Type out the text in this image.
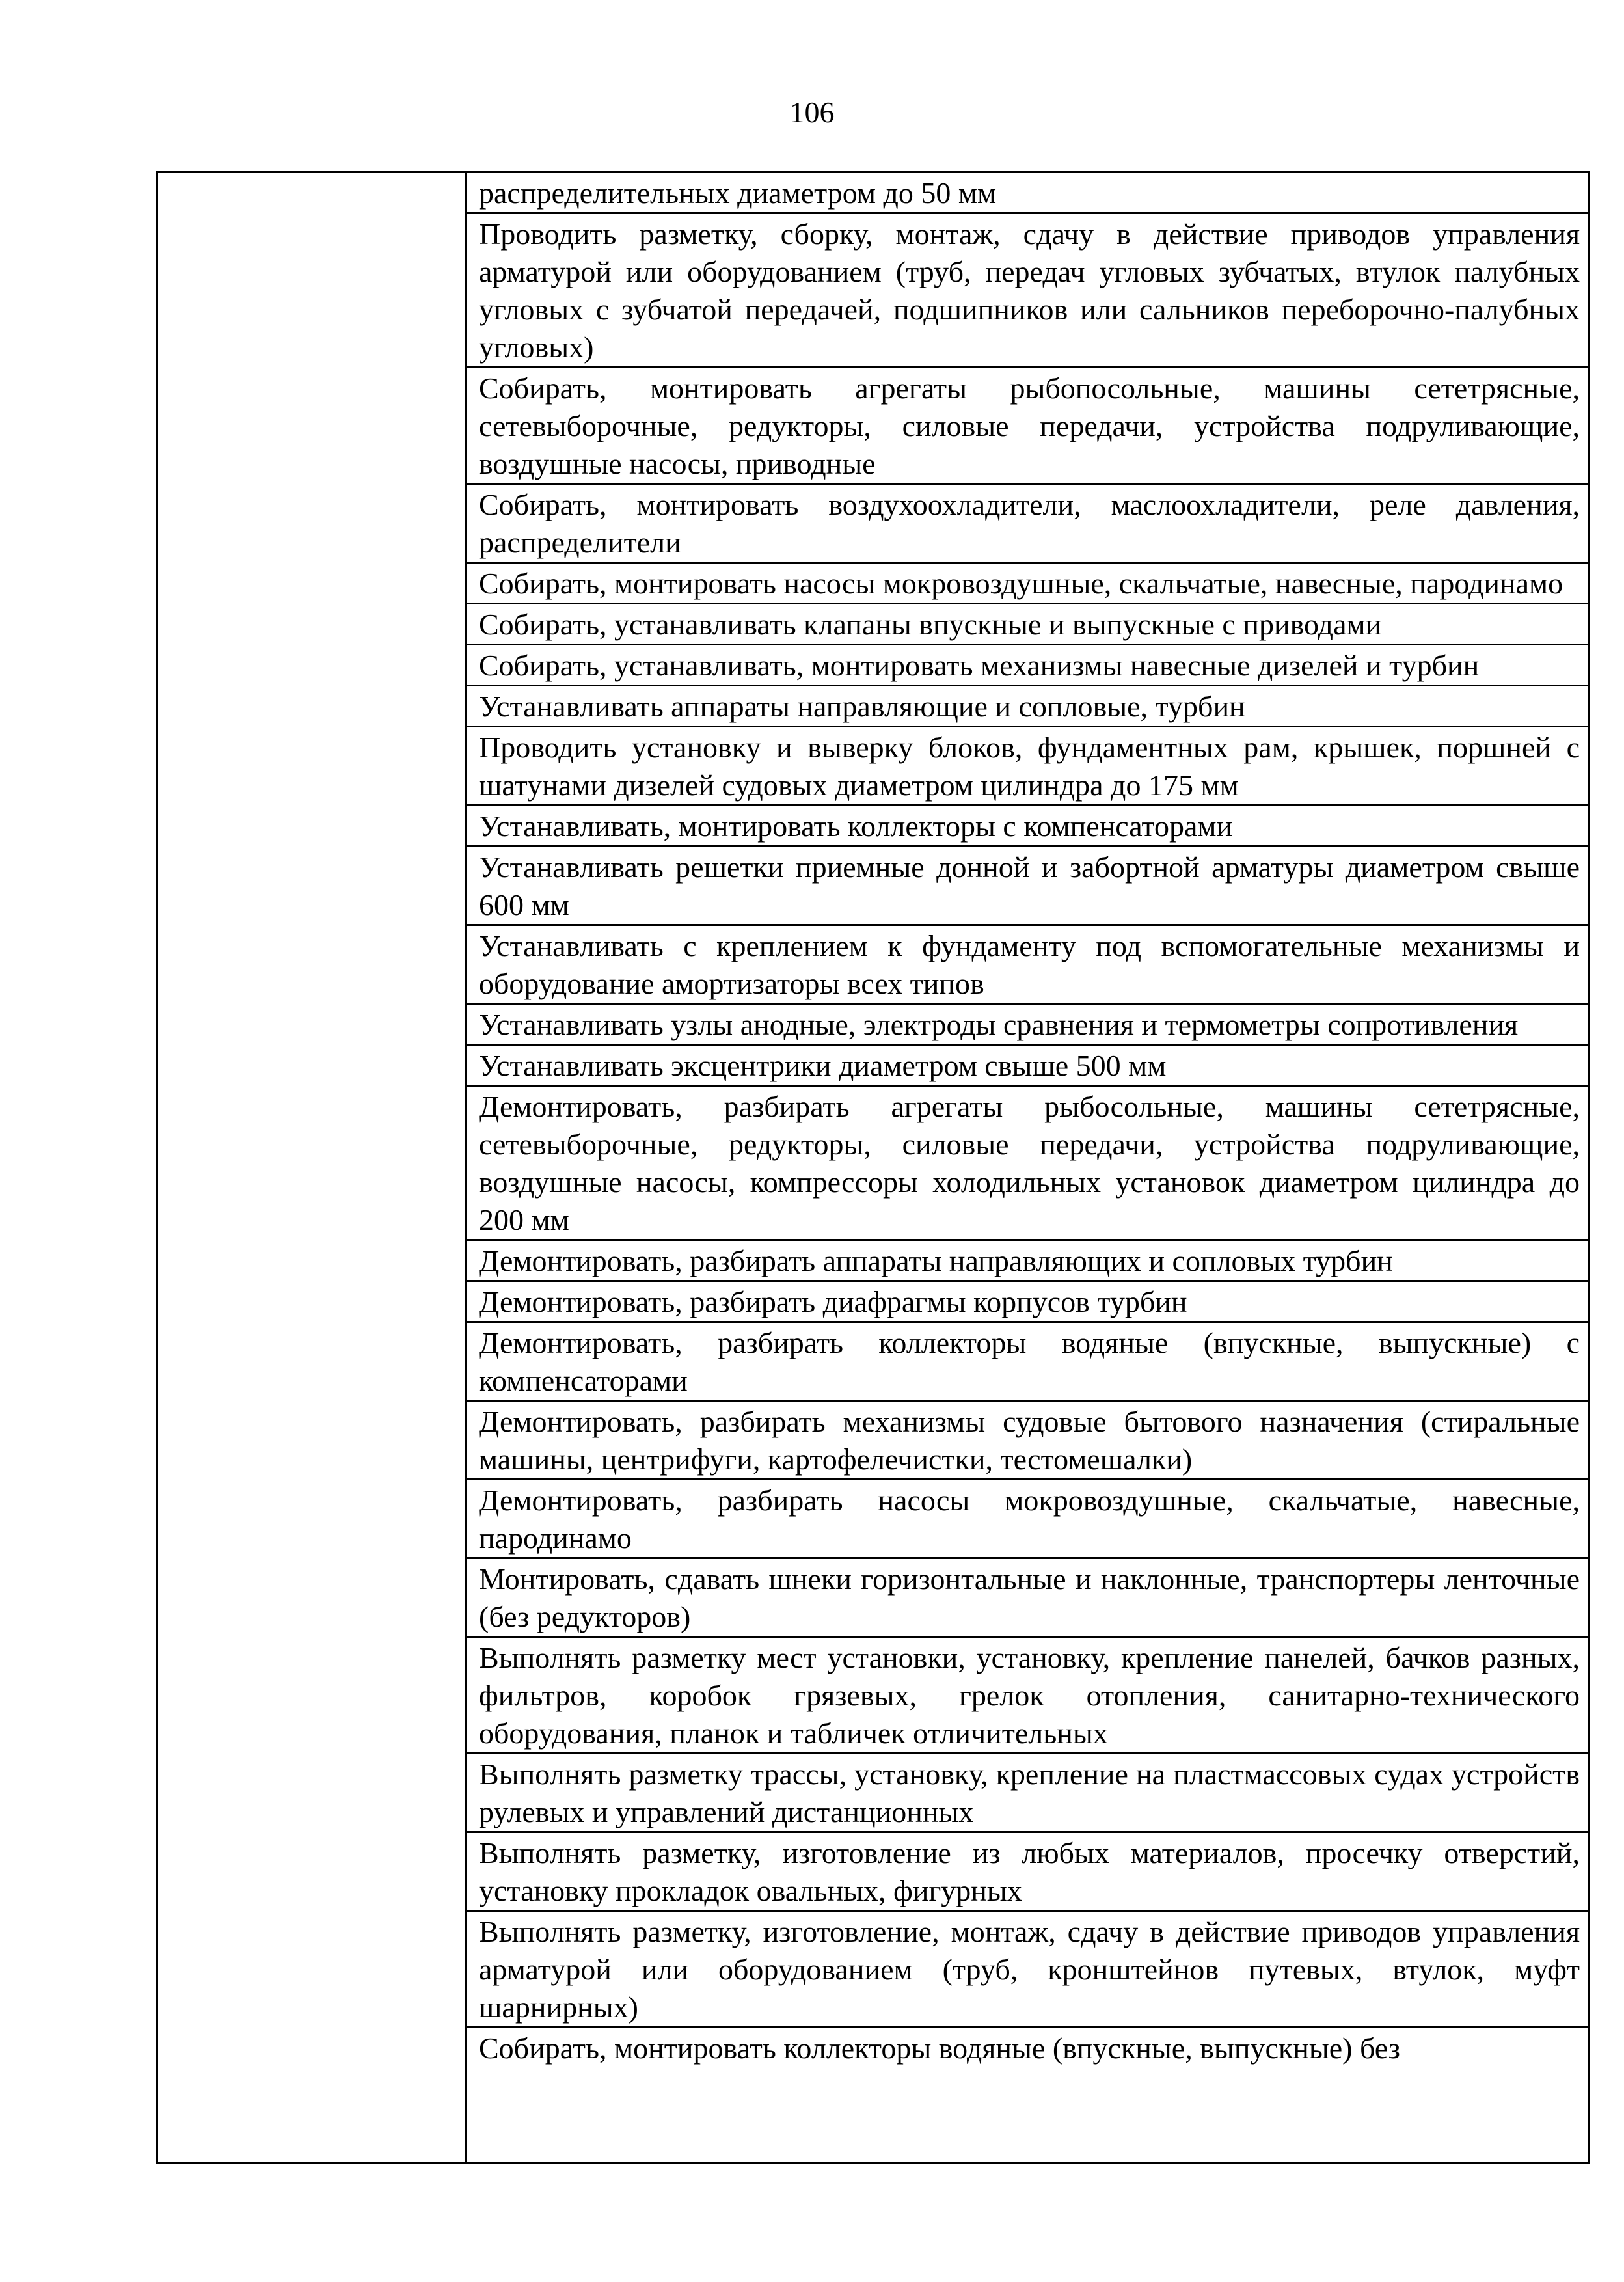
106

распределительных диаметром до 50 мм
Проводить разметку, сборку, монтаж, сдачу в действие приводов управления арматурой или оборудованием (труб, передач угловых зубчатых, втулок палубных угловых с зубчатой передачей, подшипников или сальников переборочно-палубных угловых)
Собирать, монтировать агрегаты рыбопосольные, машины сететрясные, сетевыборочные, редукторы, силовые передачи, устройства подруливающие, воздушные насосы, приводные
Собирать, монтировать воздухоохладители, маслоохладители, реле давления, распределители
Собирать, монтировать насосы мокровоздушные, скальчатые, навесные, пародинамо
Собирать, устанавливать клапаны впускные и выпускные с приводами
Собирать, устанавливать, монтировать механизмы навесные дизелей и турбин
Устанавливать аппараты направляющие и сопловые, турбин
Проводить установку и выверку блоков, фундаментных рам, крышек, поршней с шатунами дизелей судовых диаметром цилиндра до 175 мм
Устанавливать, монтировать коллекторы с компенсаторами
Устанавливать решетки приемные донной и забортной арматуры диаметром свыше 600 мм
Устанавливать с креплением к фундаменту под вспомогательные механизмы и оборудование амортизаторы всех типов
Устанавливать узлы анодные, электроды сравнения и термометры сопротивления
Устанавливать эксцентрики диаметром свыше 500 мм
Демонтировать, разбирать агрегаты рыбосольные, машины сететрясные, сетевыборочные, редукторы, силовые передачи, устройства подруливающие, воздушные насосы, компрессоры холодильных установок диаметром цилиндра до 200 мм
Демонтировать, разбирать аппараты направляющих и сопловых турбин
Демонтировать, разбирать диафрагмы корпусов турбин
Демонтировать, разбирать коллекторы водяные (впускные, выпускные) с компенсаторами
Демонтировать, разбирать механизмы судовые бытового назначения (стиральные машины, центрифуги, картофелечистки, тестомешалки)
Демонтировать, разбирать насосы мокровоздушные, скальчатые, навесные, пародинамо
Монтировать, сдавать шнеки горизонтальные и наклонные, транспортеры ленточные (без редукторов)
Выполнять разметку мест установки, установку, крепление панелей, бачков разных, фильтров, коробок грязевых, грелок отопления, санитарно-технического оборудования, планок и табличек отличительных
Выполнять разметку трассы, установку, крепление на пластмассовых судах устройств рулевых и управлений дистанционных
Выполнять разметку, изготовление из любых материалов, просечку отверстий, установку прокладок овальных, фигурных
Выполнять разметку, изготовление, монтаж, сдачу в действие приводов управления арматурой или оборудованием (труб, кронштейнов путевых, втулок, муфт шарнирных)
Собирать, монтировать коллекторы водяные (впускные, выпускные) без
